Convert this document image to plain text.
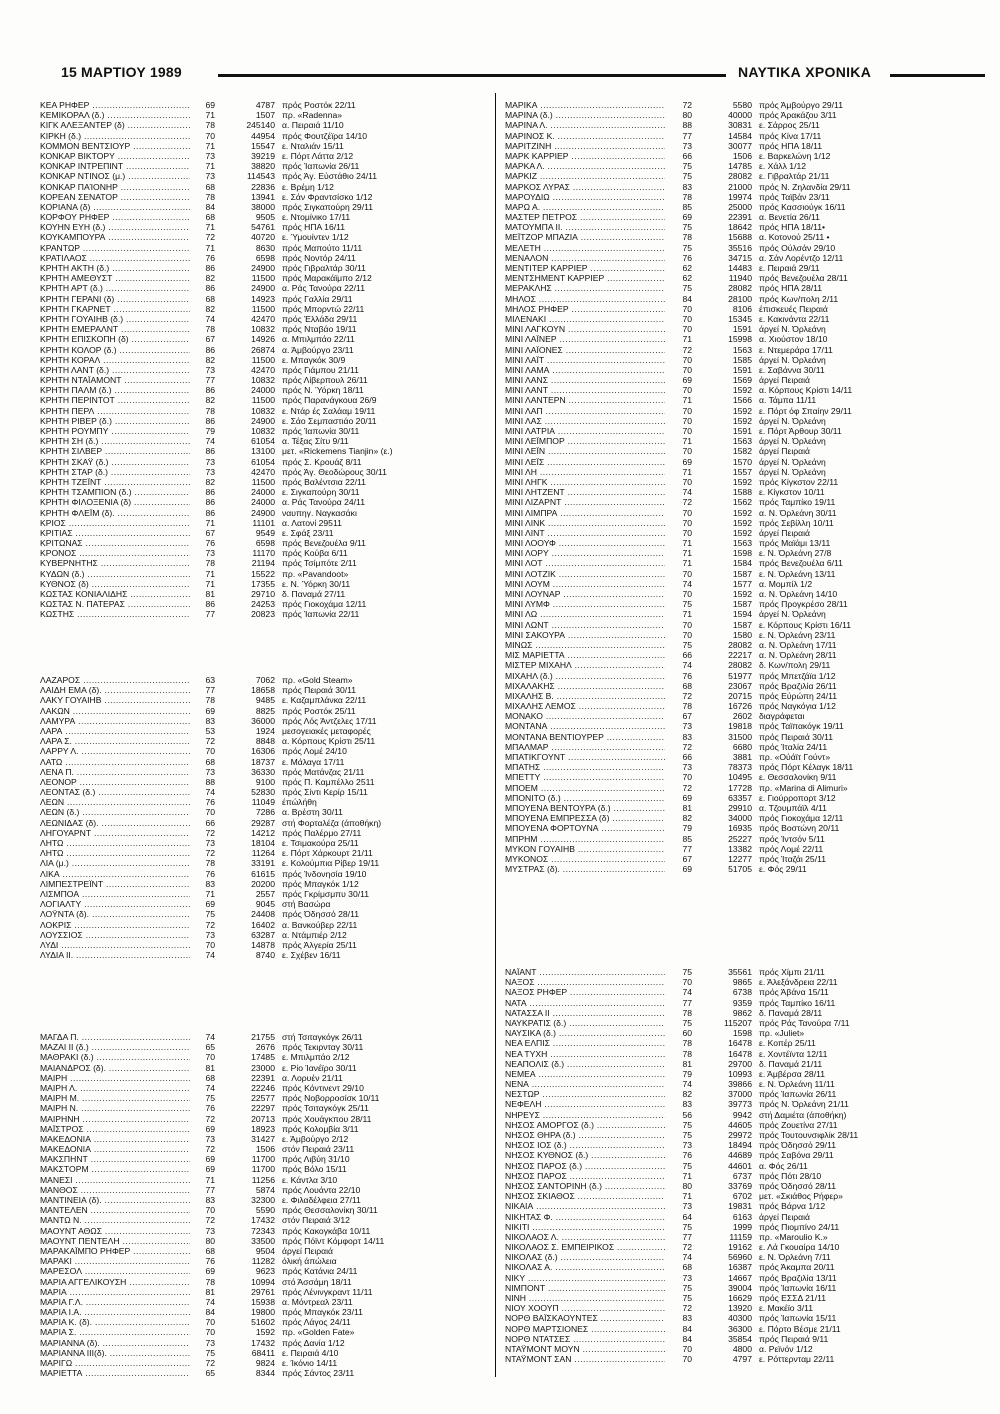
15 ΜΑΡΤΙΟΥ 1989	ΝΑΥΤΙΚΑ ΧΡΟΝΙΚΑ
ΚΕΑ ΡΗΦΕΡ .....	69	4787 πρός Ροστόκ 22/11
ΚΕΜΙΚΟΡΑΛ (δ.) .....	71	1507 πρ. «Radenna»
ΚΙΓΚ ΑΛΕΞΑΝΤΕΡ (δ) .....	78	245140 α. Πειραιά 11/10
ΚΙΡΚΗ (δ.) .....	70	44954 πρός Φουτζέϊρα 14/10
ΚΟΜΜΟΝ ΒΕΝΤΣΙΟΥΡ .....	71	15547 ε. Νταλιάν 15/11
ΚΟΝΚΑΡ ΒΙΚΤΟΡΥ .....	73	39219 ε. Πόρτ Λάττα 2/12
ΚΟΝΚΑΡ ΙΝΤΡΕΠΙΝΤ .....	71	38820 πρός Ίαπωνία 26/11
ΚΟΝΚΑΡ ΝΤΙΝΟΣ (μ.) .....	73	114543 πρός Άγ. Εὐστάθιο 24/11
ΚΟΝΚΑΡ ΠΑΊΟΝΗΡ .....	68	22836 ε. Βρέμη 1/12
ΚΟΡΕΑΝ ΣΕΝΑΤΟΡ .....	78	13941 ε. Σάν Φραντσίσκο 1/12
ΚΟΡΙΑΝΑ (δ) .....	84	38000 πρός Σιγκαπούρη 29/11
ΚΟΡΦΟΥ ΡΗΦΕΡ .....	68	9505 ε. Ντομίνικο 17/11
ΚΟΥΗΝ ΕΥΗ (δ.) .....	71	54761 πρός ΗΠΑ 16/11
ΚΟΥΚΑΜΠΟΥΡΑ .....	72	40720 ε. Ύμουίντεν 1/12
ΚΡΑΝΤΩΡ .....	71	8630 πρός Μαπούτο 11/11
ΚΡΑΤΙΛΑΟΣ .....	76	6598 πρός Νοντόρ 24/11
ΚΡΗΤΗ ΑΚΤΗ (δ.) .....	86	24900 πρός Γιβραλτάρ 30/11
ΚΡΗΤΗ ΑΜΕΘΥΣΤ .....	82	11500 πρός Μαρακάϊμπο 2/12
ΚΡΗΤΗ ΑΡΤ (δ.) .....	86	24900 α. Ράς Τανούρα 22/11
ΚΡΗΤΗ ΓΕΡΑΝΙ (δ) .....	68	14923 πρός Γαλλία 29/11
ΚΡΗΤΗ ΓΚΑΡΝΕΤ .....	82	11500 πρός Μπορντώ 22/11
ΚΡΗΤΗ ΓΟΥΑΙΗΒ (δ.) .....	74	42470 πρός Έλλάδα 29/11
ΚΡΗΤΗ ΕΜΕΡΑΛΝΤ .....	78	10832 πρός Νταβάο 19/11
ΚΡΗΤΗ ΕΠΙΣΚΟΠΗ (δ) .....	67	14926 α. Μπιλμπάο 22/11
ΚΡΗΤΗ ΚΟΛΟΡ (δ.) .....	86	26874 α. Άμβούργο 23/11
ΚΡΗΤΗ ΚΟΡΑΛ .....	82	11500 ε. Μπαγκόκ 30/9
ΚΡΗΤΗ ΛΑΝΤ (δ.) .....	73	42470 πρός Γιάμπου 21/11
ΚΡΗΤΗ ΝΤΑΪΑΜΟΝΤ .....	77	10832 πρός Λίβερπουλ 26/11
ΚΡΗΤΗ ΠΑΛΜ (δ.) .....	86	24000 πρός Ν. Ύόρκη 18/11
ΚΡΗΤΗ ΠΕΡΙΝΤΟΤ .....	82	11500 πρός Παρανάγκουα 26/9
ΚΡΗΤΗ ΠΕΡΛ .....	78	10832 ε. Ντάρ ές Σαλάαμ 19/11
ΚΡΗΤΗ ΡΙΒΕΡ (δ.) .....	86	24900 ε. Σάο Σεμπαστιάο 20/11
ΚΡΗΤΗ ΡΟΥΜΠΥ .....	79	10832 πρός Ίαπωνία 30/11
ΚΡΗΤΗ ΣΗ (δ.) .....	74	61054 α. Τέξας Σίτυ 9/11
ΚΡΗΤΗ ΣΙΛΒΕΡ .....	86	13100 μετ. «Rickemens Tianjin» (ε.)
ΚΡΗΤΗ ΣΚΑΫ (δ.) .....	73	61054 πρός Σ. Κρουάζ 8/11
ΚΡΗΤΗ ΣΤΑΡ (δ.) .....	73	42470 πρός Άγ. Θεοδώρους 30/11
ΚΡΗΤΗ ΤΖΕΪΝΤ .....	82	11500 πρός Βαλέντσια 22/11
ΚΡΗΤΗ ΤΣΑΜΠΙΟΝ (δ.) .....	86	24000 ε. Σιγκαπούρη 30/11
ΚΡΗΤΗ ΦΙΛΟΞΕΝΙΑ (δ) .....	86	24000 α. Ράς Τανούρα 24/11
ΚΡΗΤΗ ΦΛΕΪΜ (δ). .....	86	24900 ναυπηγ. Ναγκασάκι
ΚΡΙΟΣ .....	71	11101 α. Λατονί 29511
ΚΡΙΤΙΑΣ .....	67	9549 ε. Σφάξ 23/11
ΚΡΙΤΩΝΑΣ .....	76	6598 πρός Βενεζουέλα 9/11
ΚΡΟΝΟΣ .....	73	11170 πρός Κούβα 6/11
ΚΥΒΕΡΝΗΤΗΣ .....	78	21194 πρός Τσίμπότε 2/11
ΚΥΔΩΝ (δ.) .....	71	15522 πρ. «Pavandoot»
ΚΥΘΝΟΣ (δ) .....	71	17355 ε. Ν. Ύόρκη 30/11
ΚΩΣΤΑΣ ΚΟΝΙΑΛΙΔΗΣ .....	81	29710 δ. Παναμά 27/11
ΚΩΣΤΑΣ Ν. ΠΑΤΕΡΑΣ .....	86	24253 πρός Γιοκοχάμα 12/11
ΚΩΣΤΗΣ .....	77	20823 πρός Ίαπωνία 22/11
ΛΑΖΑΡΟΣ .....	63	7062 πρ. «Gold Steam»
ΛΑΙΔΗ ΕΜΑ (δ). .....	77	18658 πρός Πειραιά 30/11
ΛΑΚΥ ΓΟΥΑΙΗΒ .....	78	9485 ε. Καζαμπλάνκα 22/11
ΛΑΚΩΝ .....	69	8825 πρός Ροστόκ 25/11
ΛΑΜΥΡΑ .....	83	36000 πρός Λός Άντζελες 17/11
ΛΑΡΑ .....	53	1924 μεσογειακές μεταφορές
ΛΑΡΑ Σ. .....	72	8848 α. Κόρπους Κρίστι 25/11
ΛΑΡΡΥ Λ. .....	70	16306 πρός Λομέ 24/10
ΛΑΤΩ .....	68	18737 ε. Μάλαγα 17/11
ΛΕΝΑ Π. .....	73	36330 πρός Ματάνζας 21/11
ΛΕΟΝΟΡ .....	88	9100 πρός Π. Καμπέλλο 2511
ΛΕΟΝΤΑΣ (δ.) .....	74	52830 πρός Σίντι Κερίρ 15/11
ΛΕΩΝ .....	76	11049 έπώλήθη
ΛΕΩΝ (δ.) .....	70	7286 α. Βρέστη 30/11
ΛΕΩΝΙΔΑΣ (δ). .....	66	29287 στή Φορταλέζα (άποθήκη)
ΛΗΓΟΥΑΡΝΤ .....	72	14212 πρός Παλέρμο 27/11
ΛΗΤΩ .....	73	18104 ε. Τσιμακούρα 25/11
ΛΗΤΩ .....	72	11264 ε. Πόρτ Χάρκουρτ 21/11
ΛΙΑ (μ.) .....	78	33191 ε. Κολούμπια Ρίβερ 19/11
ΛΙΚΑ .....	76	61615 πρός Ίνδονησία 19/10
ΛΙΜΠΕΣΤΡΕΪΝΤ .....	83	20200 πρός Μπαγκόκ 1/12
ΛΙΣΜΠΟΑ .....	71	2557 πρός Γκρίμσμπυ 30/11
ΛΟΓΙΑΛΤΥ .....	69	9045 στή Βασώρα
ΛΟΫΝΤΑ (δ). .....	75	24408 πρός Όδησσό 28/11
ΛΟΚΡΙΣ .....	72	16402 α. Βανκούβερ 22/11
ΛΟΥΣΣΙΟΣ .....	73	63287 α. Ντάμπιέρ 2/12
ΛΥΔΙ .....	70	14878 πρός Άλγερία 25/11
ΛΥΔΙΑ ΙΙ. .....	74	8740 ε. Σχέβεν 16/11
ΜΑΓΔΑ Π. .....	74	21755 στή Τσιταγκόγκ 26/11
ΜΑΖΑΙ ΙΙ (δ.) .....	65	2676 πρός Τεκιρνταγ 30/11
ΜΑΘΡΑΚΙ (δ.) .....	70	17485 ε. Μπιλμπάο 2/12
ΜΑΙΑΝΔΡΟΣ (δ). .....	81	23000 ε. Ρίο Ίανέϊρο 30/11
ΜΑΙΡΗ .....	68	22391 α. Λορυέν 21/11
ΜΑΙΡΗ Λ. .....	74	22246 πρός Κόντινεντ 29/10
ΜΑΙΡΗ Μ. .....	75	22577 πρός Νοβορροσίσκ 10/11
ΜΑΙΡΗ Ν. .....	76	22297 πρός Τσιταγκόγκ 25/11
ΜΑΙΡΗΝΗ .....	72	20713 πρός Χουάγκπου 28/11
ΜΑΪΣΤΡΟΣ .....	69	18923 πρός Κολομβία 3/11
ΜΑΚΕΔΟΝΙΑ .....	73	31427 ε. Άμβούργο 2/12
ΜΑΚΕΔΟΝΙΑ .....	72	1506 στόν Πειραιά 23/11
ΜΑΚΣΠΗΝΤ .....	69	11700 πρός Λιβύη 31/10
ΜΑΚΣΤΟΡΜ .....	69	11700 πρός Βόλο 15/11
ΜΑΝΕΣΙ .....	71	11256 ε. Κάντλα 3/10
ΜΑΝΘΟΣ .....	77	5874 πρός Λουάντα 22/10
ΜΑΝΤΙΝΕΙΑ (δ). .....	83	32300 ε. Φιλαδέλφεια 27/11
ΜΑΝΤΕΛΕΝ .....	70	5590 πρός Θεσσαλονίκη 30/11
ΜΑΝΤΩ Ν. .....	72	17432 στόν Πειραιά 3/12
ΜΑΟΥΝΤ ΑΘΩΣ .....	73	72343 πρός Κακογκάβα 10/11
ΜΑΟΥΝΤ ΠΕΝΤΕΛΗ .....	80	33500 πρός Πόϊντ Κόμφορτ 14/11
ΜΑΡΑΚΑΪΜΠΟ ΡΗΦΕΡ .....	68	9504 άργεί Πειραιά
ΜΑΡΑΚΙ .....	76	11282 όλική άπώλεια
ΜΑΡΕΣΟΛ .....	69	9623 πρός Κατάνια 24/11
ΜΑΡΙΑ ΑΓΓΕΛΙΚΟΥΣΗ .....	78	10994 στό Άσσάμη 18/11
ΜΑΡΙΑ .....	81	29761 πρός Λένινγκραντ 11/11
ΜΑΡΙΑ Γ.Λ. .....	74	15938 α. Μόντρεαλ 23/11
ΜΑΡΙΑ Ι.Α. .....	84	19800 πρός Μπαγκόκ 23/11
ΜΑΡΙΑ Κ. (δ). .....	70	51602 πρός Λάγος 24/11
ΜΑΡΙΑ Σ. .....	70	1592 πρ. «Golden Fate»
ΜΑΡΙΑΝΝΑ (δ). .....	73	17432 πρός Δανία 1/12
ΜΑΡΙΑΝΝΑ ΙΙΙ(δ). .....	75	68411 ε. Πειραιά 4/10
ΜΑΡΙΓΩ .....	72	9824 ε. Ίκόνιο 14/11
ΜΑΡΙΕΤΤΑ .....	65	8344 πρός Σάντος 23/11
ΜΑΡΙΚΑ .....	72	5580 πρός Άμβούργο 29/11
ΜΑΡΙΝΑ (δ.) .....	80	40000 πρός Άρακάζου 3/11
ΜΑΡΙΝΑ Λ. .....	88	30831 ε. Σάρρος 25/11
ΜΑΡΙΝΟΣ Κ. .....	77	14584 πρός Κίνα 17/11
ΜΑΡΙΤΖΙΝΗ .....	73	30077 πρός ΗΠΑ 18/11
ΜΑΡΚ ΚΑΡΡΙΕΡ .....	66	1506 ε. Βαρκελώνη 1/12
ΜΑΡΚΑ Λ. .....	75	14785 ε. Χάλλ 1/12
ΜΑΡΚΙΖ .....	75	28082 ε. Γιβραλτάρ 21/11
ΜΑΡΚΟΣ ΛΥΡΑΣ .....	83	21000 πρός Ν. Ζηλανδία 29/11
ΜΑΡΟΥΔΙΩ .....	78	19974 πρός Ταϊβάν 23/11
ΜΑΡΩ Α. .....	85	25000 πρός Κασσιούγκ 16/11
ΜΑΣΤΕΡ ΠΕΤΡΟΣ .....	69	22391 α. Βενετία 26/11
ΜΑΤΟΥΜΠΑ ΙΙ. .....	75	18642 πρός ΗΠΑ 18/11•
ΜΕΪΤΖΟΡ ΜΠΑΖΙΑ .....	78	15688 α. Κοτονού 25/11 •
ΜΕΛΕΤΗ .....	75	35516 πρός Ούλσάν 29/10
ΜΕΝΑΛΟΝ .....	76	34715 α. Σάν Λορέντζο 12/11
ΜΕΝΤΙΤΕΡ ΚΑΡΡΙΕΡ .....	62	14483 ε. Πειραιά 29/11
ΜΕΝΤΣΗΜΕΝΤ ΚΑΡΡΙΕΡ .....	62	11940 πρός Βενεζουέλα 28/11
ΜΕΡΑΚΛΗΣ .....	75	28082 πρός ΗΠΑ 28/11
ΜΗΛΟΣ .....	84	28100 πρός Κων/πολη 2/11
ΜΗΛΟΣ ΡΗΦΕΡ .....	70	8106 έπισκευές Πειραιά
ΜΙΛΕΝΑΚΙ .....	70	15345 ε. Κακινάντα 22/11
ΜΙΝΙ ΛΑΓΚΟΥΝ .....	70	1591 άργεί Ν. Όρλεάνη
ΜΙΝΙ ΛΑΪΝΕΡ .....	71	15998 α. Χιούστον 18/10
ΜΙΝΙ ΛΑΪΟΝΕΣ .....	72	1563 ε. Ντεμεράρα 17/11
ΜΙΝΙ ΛΑΪΤ .....	70	1585 άργεί Ν. Όρλεάνη
ΜΙΝΙ ΛΑΜΑ .....	70	1591 ε. Σαβάννα 30/11
ΜΙΝΙ ΛΑΝΣ .....	69	1569 άργεί Πειραιά
ΜΙΝΙ ΛΑΝΤ .....	70	1592 α. Κόρπους Κρίστι 14/11
ΜΙΝΙ ΛΑΝΤΕΡΝ .....	71	1566 α. Τάμπα 11/11
ΜΙΝΙ ΛΑΠ .....	70	1592 ε. Πόρτ όφ Σπαίην 29/11
ΜΙΝΙ ΛΑΣ .....	70	1592 άργεί Ν. Όρλεάνη
ΜΙΝΙ ΛΑΤΡΙΑ .....	70	1591 ε. Πόρτ Άρθουρ 30/11
ΜΙΝΙ ΛΕΪΜΠΟΡ .....	71	1563 άργεί Ν. Όρλεάνη
ΜΙΝΙ ΛΕΪΝ .....	70	1582 άργεί Πειραιά
ΜΙΝΙ ΛΕΪΣ .....	69	1570 άργεί Ν. Όρλεάνη
ΜΙΝΙ ΛΗ .....	71	1557 άργεί Ν. Όρλεάνη
ΜΙΝΙ ΛΗΓΚ .....	70	1592 πρός Κίγκστον 22/11
ΜΙΝΙ ΛΗΤΖΕΝΤ .....	74	1588 ε. Κίγκστον 10/11
ΜΙΝΙ ΛΙΖΑΡΝΤ .....	72	1562 πρός Ταμπίκο 19/11
ΜΙΝΙ ΛΙΜΠΡΑ .....	70	1592 α. Ν. Όρλεάνη 30/11
ΜΙΝΙ ΛΙΝΚ .....	70	1592 πρός Σεβίλλη 10/11
ΜΙΝΙ ΛΙΝΤ .....	70	1592 άργεί Πειραιά
ΜΙΝΙ ΛΟΟΥΦ .....	71	1563 πρός Μαϊάμι 13/11
ΜΙΝΙ ΛΟΡΥ .....	71	1598 ε. Ν. Όρλεάνη 27/8
ΜΙΝΙ ΛΟΤ .....	71	1584 πρός Βενεζουέλα 6/11
ΜΙΝΙ ΛΟΤΖΙΚ .....	70	1587 ε. Ν. Όρλεάνη 13/11
ΜΙΝΙ ΛΟΥΜ .....	74	1577 α. Μομπίλ 1/2
ΜΙΝΙ ΛΟΥΝΑΡ .....	70	1592 α. Ν. Όρλεάνη 14/10
ΜΙΝΙ ΛΥΜΦ .....	75	1587 πρός Προγκρέσο 28/11
ΜΙΝΙ ΛΩ .....	71	1594 άργεί Ν. Όρλεάνη
ΜΙΝΙ ΛΩΝΤ .....	70	1587 ε. Κόρπους Κρίστι 16/11
ΜΙΝΙ ΣΑΚΟΥΡΑ .....	70	1580 ε. Ν. Όρλεάνη 23/11
ΜΙΝΩΣ .....	75	28082 α. Ν. Όρλεάνη 17/11
ΜΙΣ ΜΑΡΙΕΤΤΑ .....	66	22217 α. Ν. Όρλεάνη 28/11
ΜΙΣΤΕΡ ΜΙΧΑΗΛ .....	74	28082 δ. Κων/πολη 29/11
ΜΙΧΑΗΛ (δ.) .....	76	51977 πρός Μπετζάϊα 1/12
ΜΙΧΑΛΑΚΗΣ .....	68	23067 πρός Βραζιλία 26/11
ΜΙΧΑΛΗΣ Β. .....	72	20715 πρός Εύρώπη 24/11
ΜΙΧΑΛΗΣ ΛΕΜΟΣ .....	78	16726 πρός Ναγκόγια 1/12
ΜΟΝΑΚΟ .....	67	2602 διαγράφεται
ΜΟΝΤΑΝΑ .....	73	19818 πρός Ταϊπακόγκ 19/11
ΜΟΝΤΑΝΑ ΒΕΝΤΙΟΥΡΕΡ .....	83	31500 πρός Πειραιά 30/11
ΜΠΑΛΜΑΡ .....	72	6680 πρός Ίταλία 24/11
ΜΠΑΤΙΚΓΟΥΝΤ .....	66	3881 πρ. «Ούάϊτ Γούντ»
ΜΠΑΤΗΣ .....	73	78373 πρός Πόρτ Κέλαγκ 18/11
ΜΠΕΤΤΥ .....	70	10495 ε. Θεσσαλονίκη 9/11
ΜΠΟΕΜ .....	72	17728 πρ. «Marina di Alimuri»
ΜΠΟΝΙΤΟ (δ.) .....	69	63357 ε. Γιούρροπορτ 3/12
ΜΠΟΥΕΝΑ ΒΕΝΤΟΥΡΑ (δ.) .....	81	29910 α. Τζουμπάϊλ 4/11
ΜΠΟΥΕΝΑ ΕΜΠΡΕΣΣΑ (δ) .....	82	34000 πρός Γιοκοχάμα 12/11
ΜΠΟΥΕΝΑ ΦΟΡΤΟΥΝΑ .....	79	16935 πρός Βοστώνη 20/11
ΜΠΡΗΜ .....	85	25227 πρός Ίντσόν 5/11
ΜΥΚΟΝ ΓΟΥΑΙΗΒ .....	77	13382 πρός Λομέ 22/11
ΜΥΚΟΝΟΣ .....	67	12277 πρός Ίταζάι 25/11
ΜΥΣΤΡΑΣ (δ). .....	69	51705 ε. Φός 29/11
ΝΑΪΑΝΤ .....	75	35561 πρός Χίμπι 21/11
ΝΑΞΟΣ .....	70	9865 ε. Άλεξάνδρεια 22/11
ΝΑΞΟΣ ΡΗΦΕΡ .....	74	6738 πρός Άβάνα 15/11
ΝΑΤΑ .....	77	9359 πρός Ταμπίκο 16/11
ΝΑΤΑΣΣΑ ΙΙ .....	78	9862 δ. Παναμά 28/11
ΝΑΥΚΡΑΤΙΣ (δ.) .....	75	115207 πρός Ράς Τανούρα 7/11
ΝΑΥΣΙΚΑ (δ.) .....	60	1598 πρ. «Juliet»
ΝΕΑ ΕΛΠΙΣ .....	78	16478 ε. Κοπέρ 25/11
ΝΕΑ ΤΥΧΗ .....	78	16478 ε. Χοντέϊντα 12/11
ΝΕΑΠΟΛΙΣ (δ.) .....	81	29700 δ. Παναμά 21/11
ΝΕΜΕΑ .....	79	10993 ε. Άμβέρσα 28/11
ΝΕΝΑ .....	74	39866 ε. Ν. Όρλεάνη 11/11
ΝΕΣΤΩΡ .....	82	37000 πρός Ίαπωνία 26/11
ΝΕΦΕΛΗ .....	83	39773 πρός Ν. Όρλεάνη 21/11
ΝΗΡΕΥΣ .....	56	9942 στή Δαμιέτα (άποθήκη)
ΝΗΣΟΣ ΑΜΟΡΓΟΣ (δ.) .....	75	44605 πρός Ζουετίνα 27/11
ΝΗΣΟΣ ΘΗΡΑ (δ.) .....	75	29972 πρός Τουτουνσιφλίκ 28/11
ΝΗΣΟΣ ΙΟΣ (δ.) .....	73	18494 πρός Όδησσό 29/11
ΝΗΣΟΣ ΚΥΘΝΟΣ (δ.) .....	76	44689 πρός Σαβόνα 29/11
ΝΗΣΟΣ ΠΑΡΟΣ (δ.) .....	75	44601 α. Φός 26/11
ΝΗΣΟΣ ΠΑΡΟΣ .....	71	6737 πρός Πότι 28/10
ΝΗΣΟΣ ΣΑΝΤΟΡΙΝΗ (δ.) .....	80	33769 πρός Όδησσό 28/11
ΝΗΣΟΣ ΣΚΙΑΘΟΣ .....	71	6702 μετ. «Σκιάθος Ρήφερ»
ΝΙΚΑΙΑ .....	73	19831 πρός Βάρνα 1/12
ΝΙΚΗΤΑΣ Φ. .....	64	6163 άργεί Πειραιά
ΝΙΚΙΤΙ .....	75	1999 πρός Πιομπίνο 24/11
ΝΙΚΟΛΑΟΣ Λ. .....	77	11159 πρ. «Maroulio K.»
ΝΙΚΟΛΑΟΣ Σ. ΕΜΠΕΙΡΙΚΟΣ .....	72	19162 ε. Λά Γκουαίρα 14/10
ΝΙΚΟΛΑΣ (δ.) .....	74	56960 ε. Ν. Όρλεάνη 7/11
ΝΙΚΟΛΑΣ Α. .....	68	16387 πρός Άκαμπα 20/11
ΝΙΚΥ .....	73	14667 πρός Βραζιλία 13/11
ΝΙΜΠΟΝΤ .....	75	39004 πρός Ίαπωνία 16/11
ΝΙΝΗ .....	75	16629 πρός ΕΣΣΔ 21/11
ΝΙΟΥ ΧΟΟΥΠ .....	72	13920 ε. Μακέϊο 3/11
ΝΟΡΘ ΒΑΪΣΚΑΟΥΝΤΕΣ .....	83	40300 πρός Ίαπωνία 15/11
ΝΟΡΘ ΜΑΡΤΣΙΟΝΕΣ .....	84	36300 ε. Πόρτο Βέσμε 21/11
ΝΟΡΘ ΝΤΑΤΣΕΣ .....	84	35854 πρός Πειραιά 9/11
ΝΤΑΫΜΟΝΤ ΜΟΥΝ .....	70	4800 α. Ρεϊνόν 1/12
ΝΤΑΫΜΟΝΤ ΣΑΝ .....	70	4797 ε. Ρόττερνταμ 22/11
